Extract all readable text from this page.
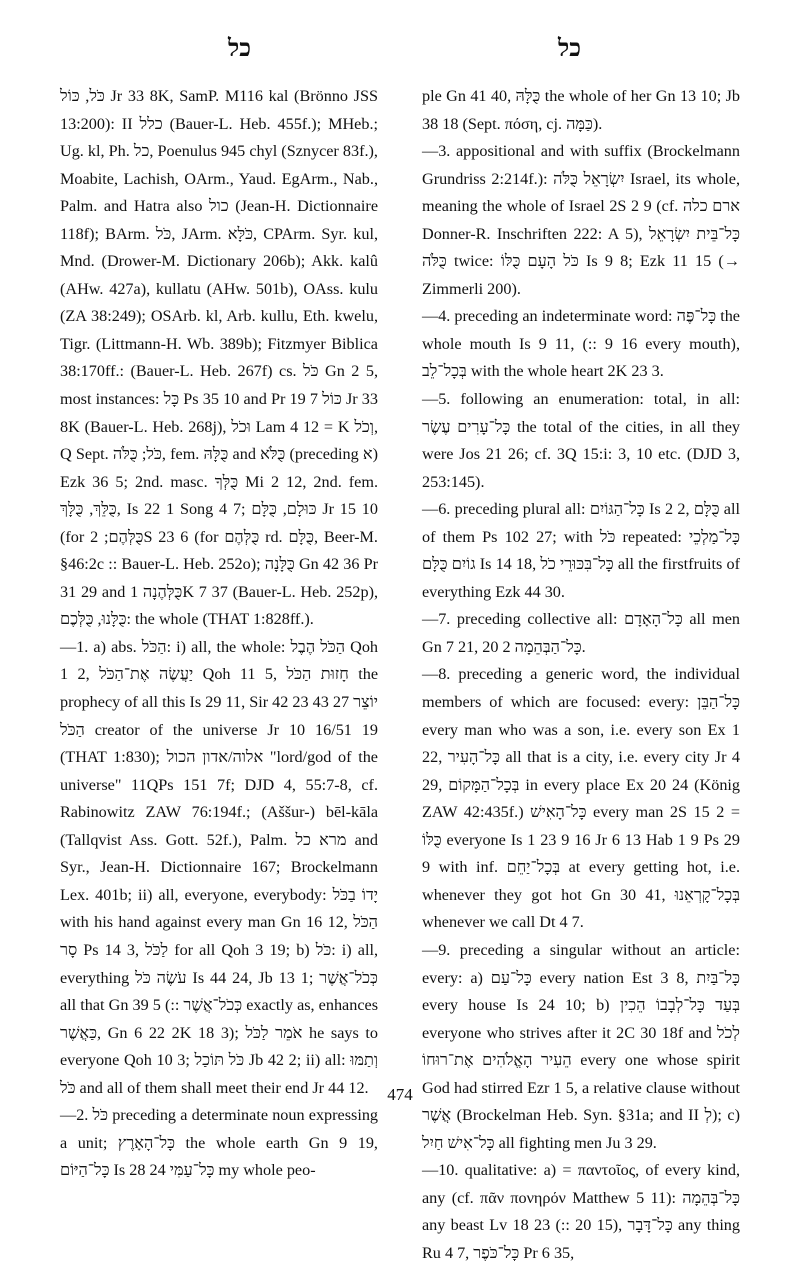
כל	כל

כֹּל, כּוֹל Jr 33 8K, SamP. M116 kal (Brönno JSS 13:200): II כלל (Bauer-L. Heb. 455f.); MHeb.; Ug. kl, Ph. כל, Poenulus 945 chyl (Sznycer 83f.), Moabite, Lachish, OArm., Yaud. EgArm., Nab., Palm. and Hatra also כול (Jean-H. Dictionnaire 118f); BArm. כֹּל, JArm. כֹּלָּא, CPArm. Syr. kul, Mnd. (Drower-M. Dictionary 206b); Akk. kalû (AHw. 427a), kullatu (AHw. 501b), OAss. kulu (ZA 38:249); OSArb. kl, Arb. kullu, Eth. kwelu, Tigr. (Littmann-H. Wb. 389b); Fitzmyer Biblica 38:170ff.: (Bauer-L. Heb. 267f) cs. כֹּל Gn 2 5, most instances: כָּל Ps 35 10 and Pr 19 7 כּוֹל Jr 33 8K (Bauer-L. Heb. 268j), וּכֹל Lam 4 12 = K וְכֹל, Q Sept. כֹּל; כֻּלֹּה, fem. כֻּלָּהּ and כֻּלֹּא (preceding א) Ezk 36 5; 2nd. masc. כֻּלְּךָ Mi 2 12, 2nd. fem. כֻּלֵּךְ, כֻּלָּךְ, Is 22 1 Song 4 7; כּוּלָם, כֻּלָּם Jr 15 10 (for כֻּלְּהֶם; 2S 23 6 (for כֻּלְּהֶם rd. כֻּלָּם, Beer-M. §46:2c :: Bauer-L. Heb. 252o); כֻּלָּנָה Gn 42 36 Pr 31 29 and כֻּלְּהֶנָה 1K 7 37 (Bauer-L. Heb. 252p), כֻּלָּנוּ, כֻּלְּכֶם: the whole (THAT 1:828ff.).

—1. a) abs. הַכֹּל: i) all, the whole: הַכֹּל הֶבֶל Qoh 1 2, יַעֲשֶׂה אֶת־הַכֹּל Qoh 11 5, חָזוּת הַכֹּל the prophecy of all this Is 29 11, Sir 42 23 43 27 יוֹצֵר הַכֹּל creator of the universe Jr 10 16/51 19 (THAT 1:830); אלוה/אדון הכול "lord/god of the universe" 11QPs 151 7f; DJD 4, 55:7-8, cf. Rabinowitz ZAW 76:194f.; (Aššur-) bēl-kāla (Tallqvist Ass. Gott. 52f.), Palm. מרא כל and Syr., Jean-H. Dictionnaire 167; Brockelmann Lex. 401b; ii) all, everyone, everybody: יָדוֹ בַכֹּל with his hand against every man Gn 16 12, הַכֹּל סָר Ps 14 3, לַכֹּל for all Qoh 3 19; b) כֹּל: i) all, everything עֹשֶׂה כֹּל Is 44 24, Jb 13 1; כְּכֹל־אֲשֶׁר all that Gn 39 5 (:: כְּכֹל־אֲשֶׁר exactly as, enhances כַּאֲשֶׁר, Gn 6 22 2K 18 3); אֹמֵר לַכֹּל he says to everyone Qoh 10 3; כֹּל תּוֹכַל Jb 42 2; ii) all: וְתַמּוּ כֹּל and all of them shall meet their end Jr 44 12.

—2. כֹּל preceding a determinate noun expressing a unit; כָּל־הָאָרֶץ the whole earth Gn 9 19, כָּל־הַיּוֹם Is 28 24 כָּל־עַמִּי my whole peo-

ple Gn 41 40, כֻּלָּהּ the whole of her Gn 13 10; Jb 38 18 (Sept. πόση, cj. כַּמָּה).

—3. appositional and with suffix (Brockelmann Grundriss 2:214f.): יִשְׂרָאֵל כֻּלֹּה Israel, its whole, meaning the whole of Israel 2S 2 9 (cf. ארם כלה Donner-R. Inschriften 222: A 5), כָּל־בֵּית יִשְׂרָאֵל כֻּלֹּה twice: כֹּל הָעָם כֻּלּוֹ Is 9 8; Ezk 11 15 (→ Zimmerli 200).

—4. preceding an indeterminate word: כָּל־פֶּה the whole mouth Is 9 11, (:: 9 16 every mouth), בְּכָל־לֵב with the whole heart 2K 23 3.

—5. following an enumeration: total, in all: כָּל־עָרִים עֶשֶׂר the total of the cities, in all they were Jos 21 26; cf. 3Q 15:i: 3, 10 etc. (DJD 3, 253:145).

—6. preceding plural all: כָּל־הַגּוֹיִם Is 2 2, כֻּלָּם all of them Ps 102 27; with כֹּל repeated: כָּל־מַלְכֵי גוֹיִם כֻּלָּם Is 14 18, כָּל־בִּכּוּרֵי כֹל all the firstfruits of everything Ezk 44 30.

—7. preceding collective all: כָּל־הָאָדָם all men Gn 7 21, כָּל־הַבְּהֵמָה 2 20.

—8. preceding a generic word, the individual members of which are focused: every: כָּל־הַבֵּן every man who was a son, i.e. every son Ex 1 22, כָּל־הָעִיר all that is a city, i.e. every city Jr 4 29, בְּכָל־הַמָּקוֹם in every place Ex 20 24 (König ZAW 42:435f.) כָּל־הָאִישׁ every man 2S 15 2 = כֻּלּוֹ everyone Is 1 23 9 16 Jr 6 13 Hab 1 9 Ps 29 9 with inf. בְּכָל־יַחֵם at every getting hot, i.e. whenever they got hot Gn 30 41, בְּכָל־קָרְאֵנוּ whenever we call Dt 4 7.

—9. preceding a singular without an article: every: a) כָּל־עַם every nation Est 3 8, כָּל־בַּיִת every house Is 24 10; b) בְּעַד כָּל־לְבָבוֹ הֵכִין everyone who strives after it 2C 30 18f and לְכֹל הֵעִיר הָאֱלֹהִים אֶת־רוּחוֹ every one whose spirit God had stirred Ezr 1 5, a relative clause without אֲשֶׁר (Brockelman Heb. Syn. §31a; and II לְ); c) כָּל־אִישׁ חַיִל all fighting men Ju 3 29.

—10. qualitative: a) = παντοῖος, of every kind, any (cf. πᾶν πονηρόν Matthew 5 11): כָּל־בְּהֵמָה any beast Lv 18 23 (:: 20 15), כָּל־דָּבָר any thing Ru 4 7, כָּל־כֹּפֶר Pr 6 35,

474
